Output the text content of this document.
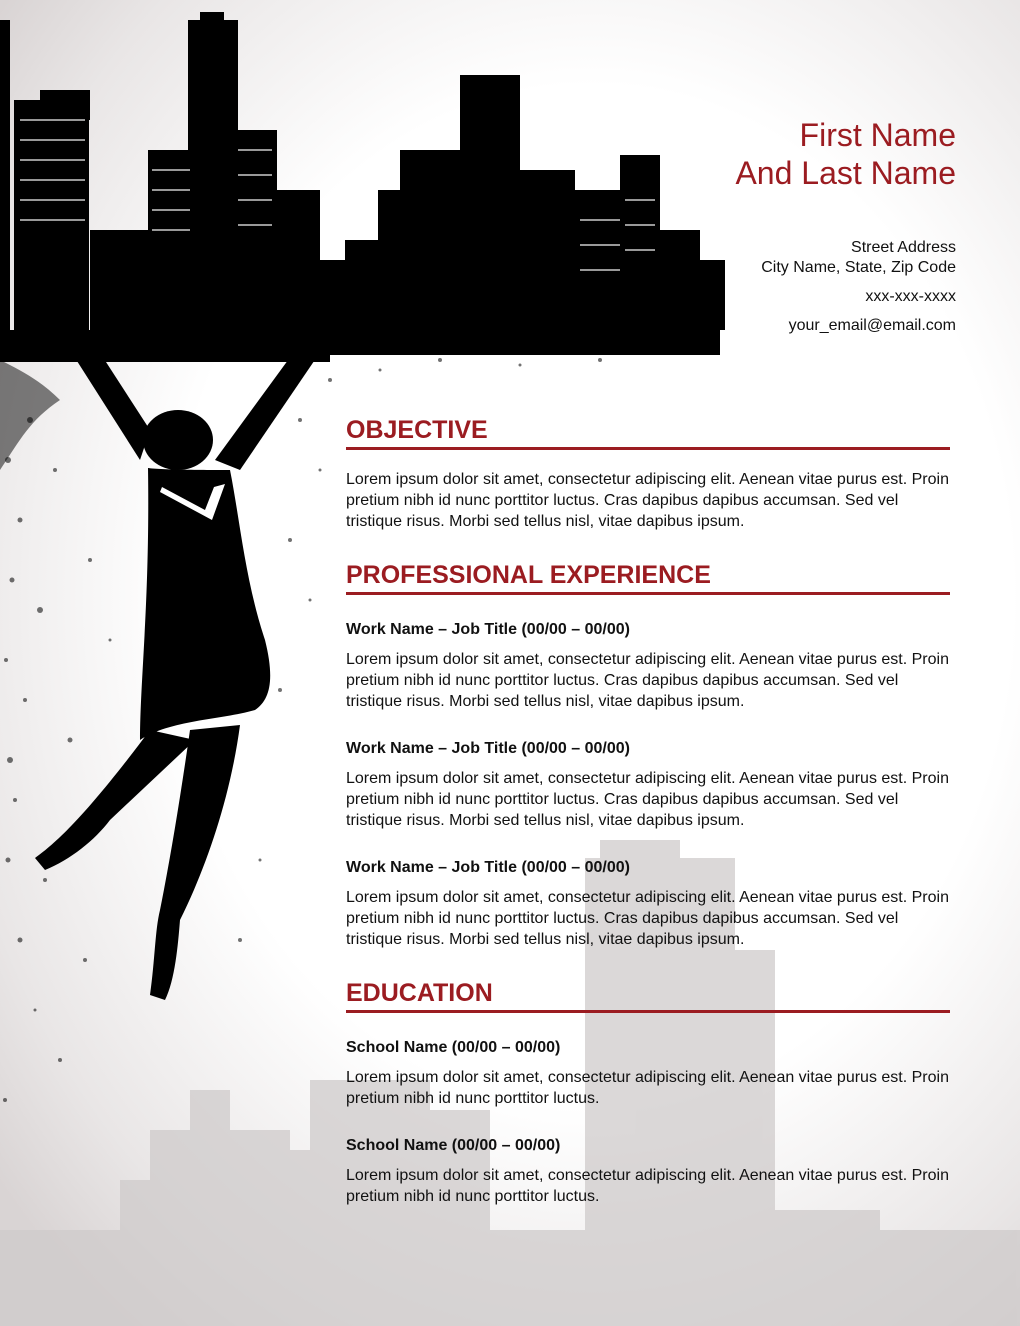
First Name
And Last Name
Street Address
City Name, State, Zip Code
xxx-xxx-xxxx
your_email@email.com
OBJECTIVE

Lorem ipsum dolor sit amet, consectetur adipiscing elit. Aenean vitae purus est. Proin pretium nibh id nunc porttitor luctus. Cras dapibus dapibus accumsan. Sed vel tristique risus. Morbi sed tellus nisl, vitae dapibus ipsum.

PROFESSIONAL EXPERIENCE

Work Name – Job Title (00/00 – 00/00)

Lorem ipsum dolor sit amet, consectetur adipiscing elit. Aenean vitae purus est. Proin pretium nibh id nunc porttitor luctus. Cras dapibus dapibus accumsan. Sed vel tristique risus. Morbi sed tellus nisl, vitae dapibus ipsum.

Work Name – Job Title (00/00 – 00/00)

Lorem ipsum dolor sit amet, consectetur adipiscing elit. Aenean vitae purus est. Proin pretium nibh id nunc porttitor luctus. Cras dapibus dapibus accumsan. Sed vel tristique risus. Morbi sed tellus nisl, vitae dapibus ipsum.

Work Name – Job Title (00/00 – 00/00)

Lorem ipsum dolor sit amet, consectetur adipiscing elit. Aenean vitae purus est. Proin pretium nibh id nunc porttitor luctus. Cras dapibus dapibus accumsan. Sed vel tristique risus. Morbi sed tellus nisl, vitae dapibus ipsum.

EDUCATION

School Name (00/00 – 00/00)

Lorem ipsum dolor sit amet, consectetur adipiscing elit. Aenean vitae purus est. Proin pretium nibh id nunc porttitor luctus.

School Name (00/00 – 00/00)

Lorem ipsum dolor sit amet, consectetur adipiscing elit. Aenean vitae purus est. Proin pretium nibh id nunc porttitor luctus.
